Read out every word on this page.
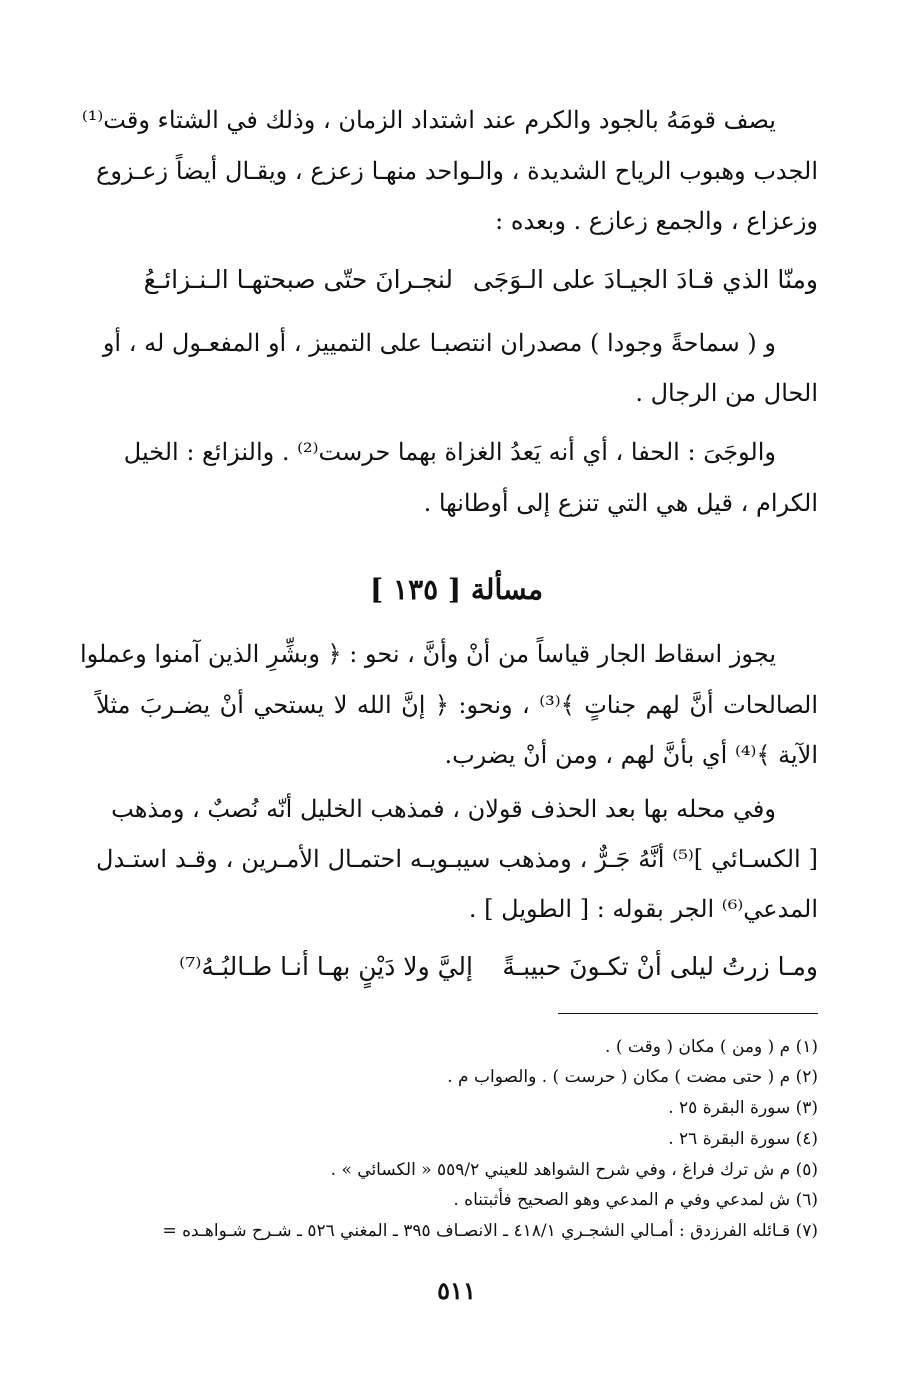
يصف قومَهُ بالجود والكرم عند اشتداد الزمان ، وذلك في الشتاء وقت⁽¹⁾
الجدب وهبوب الرياح الشديدة ، والـواحد منهـا زعزع ، ويقـال أيضاً زعـزوع
وزعزاع ، والجمع زعازع . وبعده :
ومنّا الذي قـادَ الجيـادَ على الـوَجَى
لنجـرانَ حتّى صبحتهـا الـنـزائـعُ
و ( سماحةً وجودا ) مصدران انتصبـا على التمييز ، أو المفعـول له ، أو
الحال من الرجال .
والوجَىَ : الحفا ، أي أنه يَعدُ الغزاة بهما حرست⁽²⁾ . والنزائع : الخيل
الكرام ، قيل هي التي تنزع إلى أوطانها .
مسألة [ ١٣٥ ]
يجوز اسقاط الجار قياساً من أنْ وأنَّ ، نحو : ﴿ وبشِّرِ الذين آمنوا وعملوا
الصالحات أنَّ لهم جناتٍ ﴾⁽³⁾ ، ونحو: ﴿ إنَّ الله لا يستحي أنْ يضـربَ مثلاً
الآية ﴾⁽⁴⁾ أي بأنَّ لهم ، ومن أنْ يضرب.
وفي محله بها بعد الحذف قولان ، فمذهب الخليل أنّه نُصبٌ ، ومذهب
[ الكسـائي ]⁽⁵⁾ أنَّهُ جَـرٌّ ، ومذهب سيبـويـه احتمـال الأمـرين ، وقـد استـدل
المدعي⁽⁶⁾ الجر بقوله : [ الطويل ] .
ومـا زرتُ ليلى أنْ تكـونَ حبيبـةً
إليَّ ولا دَيْنٍ بهـا أنـا طـالبُـهُ⁽⁷⁾
(١) م ( ومن ) مكان ( وقت ) .
(٢) م ( حتى مضت ) مكان ( حرست ) . والصواب م .
(٣) سورة البقرة ٢٥ .
(٤) سورة البقرة ٢٦ .
(٥) م ش ترك فراغ ، وفي شرح الشواهد للعيني ٥٥٩/٢ « الكسائي » .
(٦) ش لمدعي وفي م المدعي وهو الصحيح فأثبتناه .
(٧) قـائله الفرزدق : أمـالي الشجـري ٤١٨/١ ـ الانصـاف ٣٩٥ ـ المغني ٥٢٦ ـ شـرح شـواهـده =
٥١١
